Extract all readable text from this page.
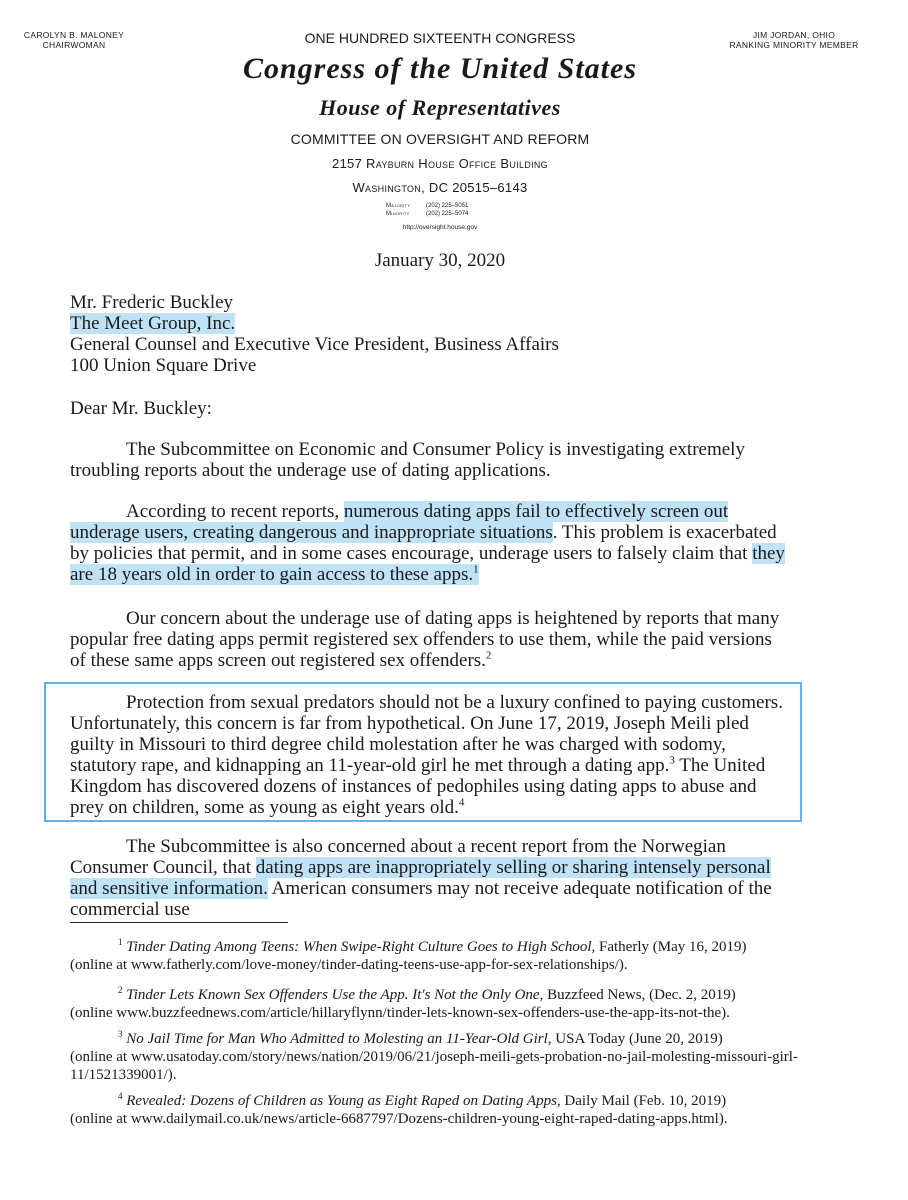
CAROLYN B. MALONEY
CHAIRWOMAN
JIM JORDAN, OHIO
RANKING MINORITY MEMBER
ONE HUNDRED SIXTEENTH CONGRESS
Congress of the United States
House of Representatives
COMMITTEE ON OVERSIGHT AND REFORM
2157 Rayburn House Office Building
Washington, DC 20515–6143
Majority	(202) 225–5051
Minority	(202) 225–5074
http://oversight.house.gov
January 30, 2020
Mr. Frederic Buckley
The Meet Group, Inc.
General Counsel and Executive Vice President, Business Affairs
100 Union Square Drive
Dear Mr. Buckley:

The Subcommittee on Economic and Consumer Policy is investigating extremely troubling reports about the underage use of dating applications.

According to recent reports, numerous dating apps fail to effectively screen out underage users, creating dangerous and inappropriate situations. This problem is exacerbated by policies that permit, and in some cases encourage, underage users to falsely claim that they are 18 years old in order to gain access to these apps.$^1$

Our concern about the underage use of dating apps is heightened by reports that many popular free dating apps permit registered sex offenders to use them, while the paid versions of these same apps screen out registered sex offenders.$^2$

Protection from sexual predators should not be a luxury confined to paying customers. Unfortunately, this concern is far from hypothetical. On June 17, 2019, Joseph Meili pled guilty in Missouri to third degree child molestation after he was charged with sodomy, statutory rape, and kidnapping an 11-year-old girl he met through a dating app.$^3$ The United Kingdom has discovered dozens of instances of pedophiles using dating apps to abuse and prey on children, some as young as eight years old.$^4$

The Subcommittee is also concerned about a recent report from the Norwegian Consumer Council, that dating apps are inappropriately selling or sharing intensely personal and sensitive information. American consumers may not receive adequate notification of the commercial use

$^1$ Tinder Dating Among Teens: When Swipe-Right Culture Goes to High School, Fatherly (May 16, 2019)

(online at www.fatherly.com/love-money/tinder-dating-teens-use-app-for-sex-relationships/).

$^2$ Tinder Lets Known Sex Offenders Use the App. It's Not the Only One, Buzzfeed News, (Dec. 2, 2019)

(online www.buzzfeednews.com/article/hillaryflynn/tinder-lets-known-sex-offenders-use-the-app-its-not-the).

$^3$ No Jail Time for Man Who Admitted to Molesting an 11-Year-Old Girl, USA Today (June 20, 2019)

(online at www.usatoday.com/story/news/nation/2019/06/21/joseph-meili-gets-probation-no-jail-molesting-missouri-girl-11/1521339001/).

$^4$ Revealed: Dozens of Children as Young as Eight Raped on Dating Apps, Daily Mail (Feb. 10, 2019)

(online at www.dailymail.co.uk/news/article-6687797/Dozens-children-young-eight-raped-dating-apps.html).
